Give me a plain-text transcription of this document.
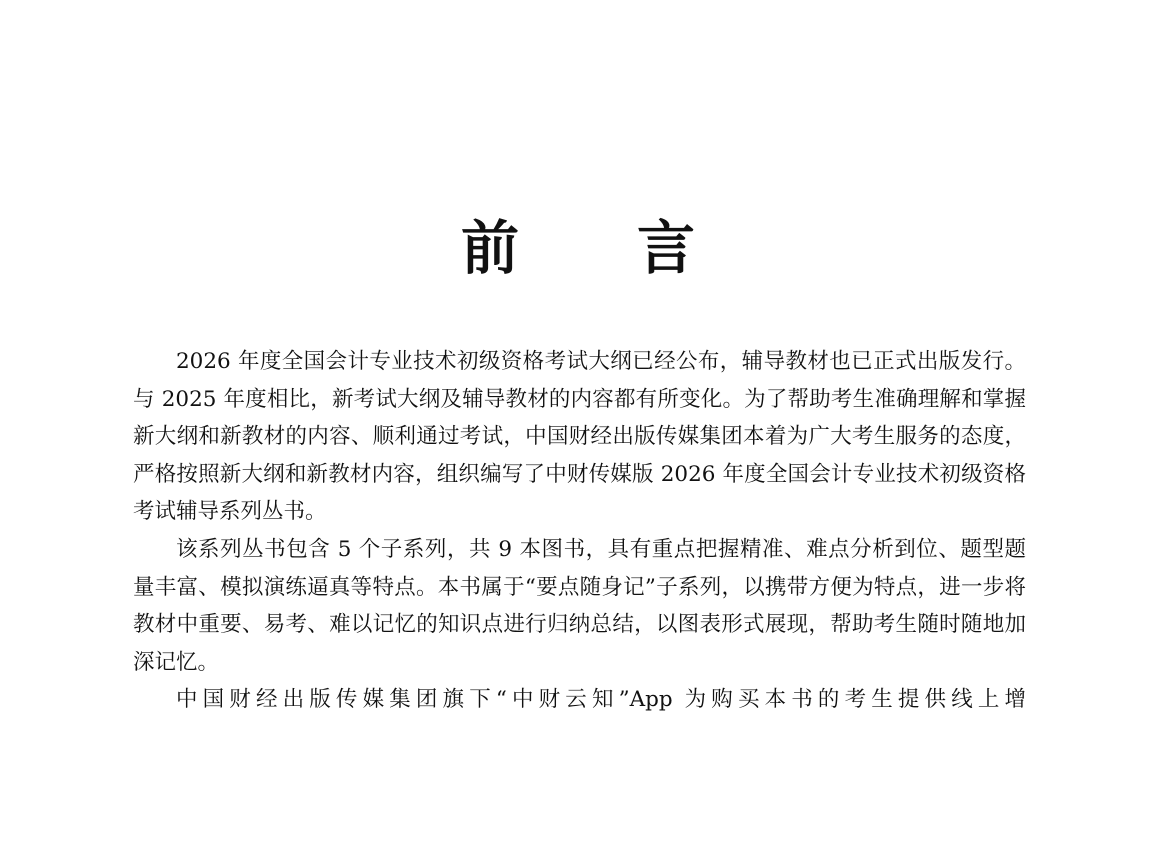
前 言

2026 年度全国会计专业技术初级资格考试大纲已经公布，辅导教材也已正式出版发行。与 2025 年度相比，新考试大纲及辅导教材的内容都有所变化。为了帮助考生准确理解和掌握新大纲和新教材的内容、顺利通过考试，中国财经出版传媒集团本着为广大考生服务的态度，严格按照新大纲和新教材内容，组织编写了中财传媒版 2026 年度全国会计专业技术初级资格考试辅导系列丛书。

该系列丛书包含 5 个子系列，共 9 本图书，具有重点把握精准、难点分析到位、题型题量丰富、模拟演练逼真等特点。本书属于“要点随身记”子系列，以携带方便为特点，进一步将教材中重要、易考、难以记忆的知识点进行归纳总结，以图表形式展现，帮助考生随时随地加深记忆。

中国财经出版传媒集团旗下“中财云知”App 为购买本书的考生提供线上增
